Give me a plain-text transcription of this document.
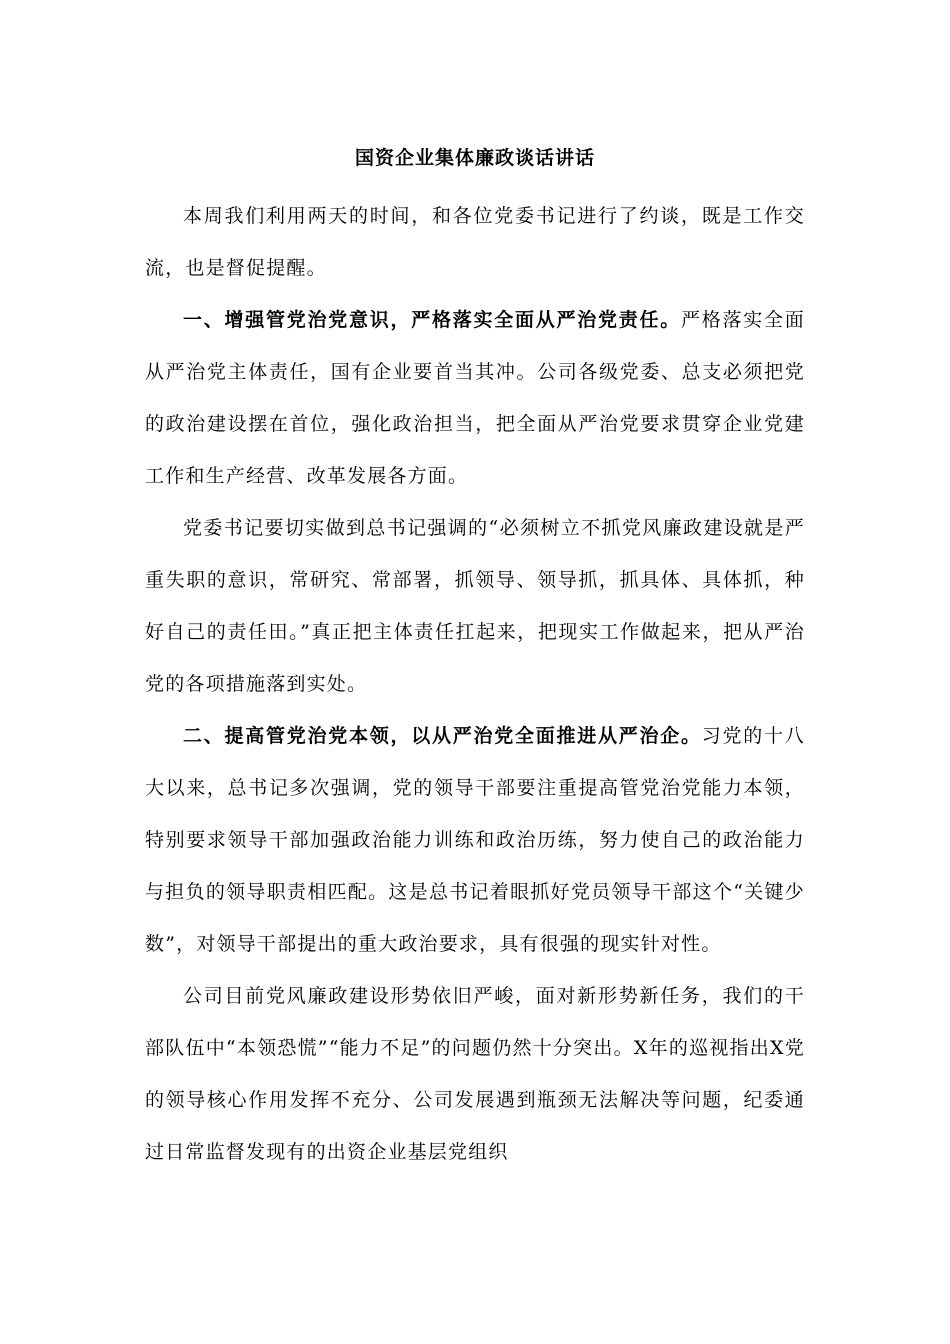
国资企业集体廉政谈话讲话

本周我们利用两天的时间，和各位党委书记进行了约谈，既是工作交流，也是督促提醒。

一、增强管党治党意识，严格落实全面从严治党责任。严格落实全面从严治党主体责任，国有企业要首当其冲。公司各级党委、总支必须把党的政治建设摆在首位，强化政治担当，把全面从严治党要求贯穿企业党建工作和生产经营、改革发展各方面。

党委书记要切实做到总书记强调的“必须树立不抓党风廉政建设就是严重失职的意识，常研究、常部署，抓领导、领导抓，抓具体、具体抓，种好自己的责任田。”真正把主体责任扛起来，把现实工作做起来，把从严治党的各项措施落到实处。

二、提高管党治党本领，以从严治党全面推进从严治企。习党的十八大以来，总书记多次强调，党的领导干部要注重提高管党治党能力本领，特别要求领导干部加强政治能力训练和政治历练，努力使自己的政治能力与担负的领导职责相匹配。这是总书记着眼抓好党员领导干部这个“关键少数”，对领导干部提出的重大政治要求，具有很强的现实针对性。

公司目前党风廉政建设形势依旧严峻，面对新形势新任务，我们的干部队伍中“本领恐慌”“能力不足”的问题仍然十分突出。X年的巡视指出X党的领导核心作用发挥不充分、公司发展遇到瓶颈无法解决等问题，纪委通过日常监督发现有的出资企业基层党组织
